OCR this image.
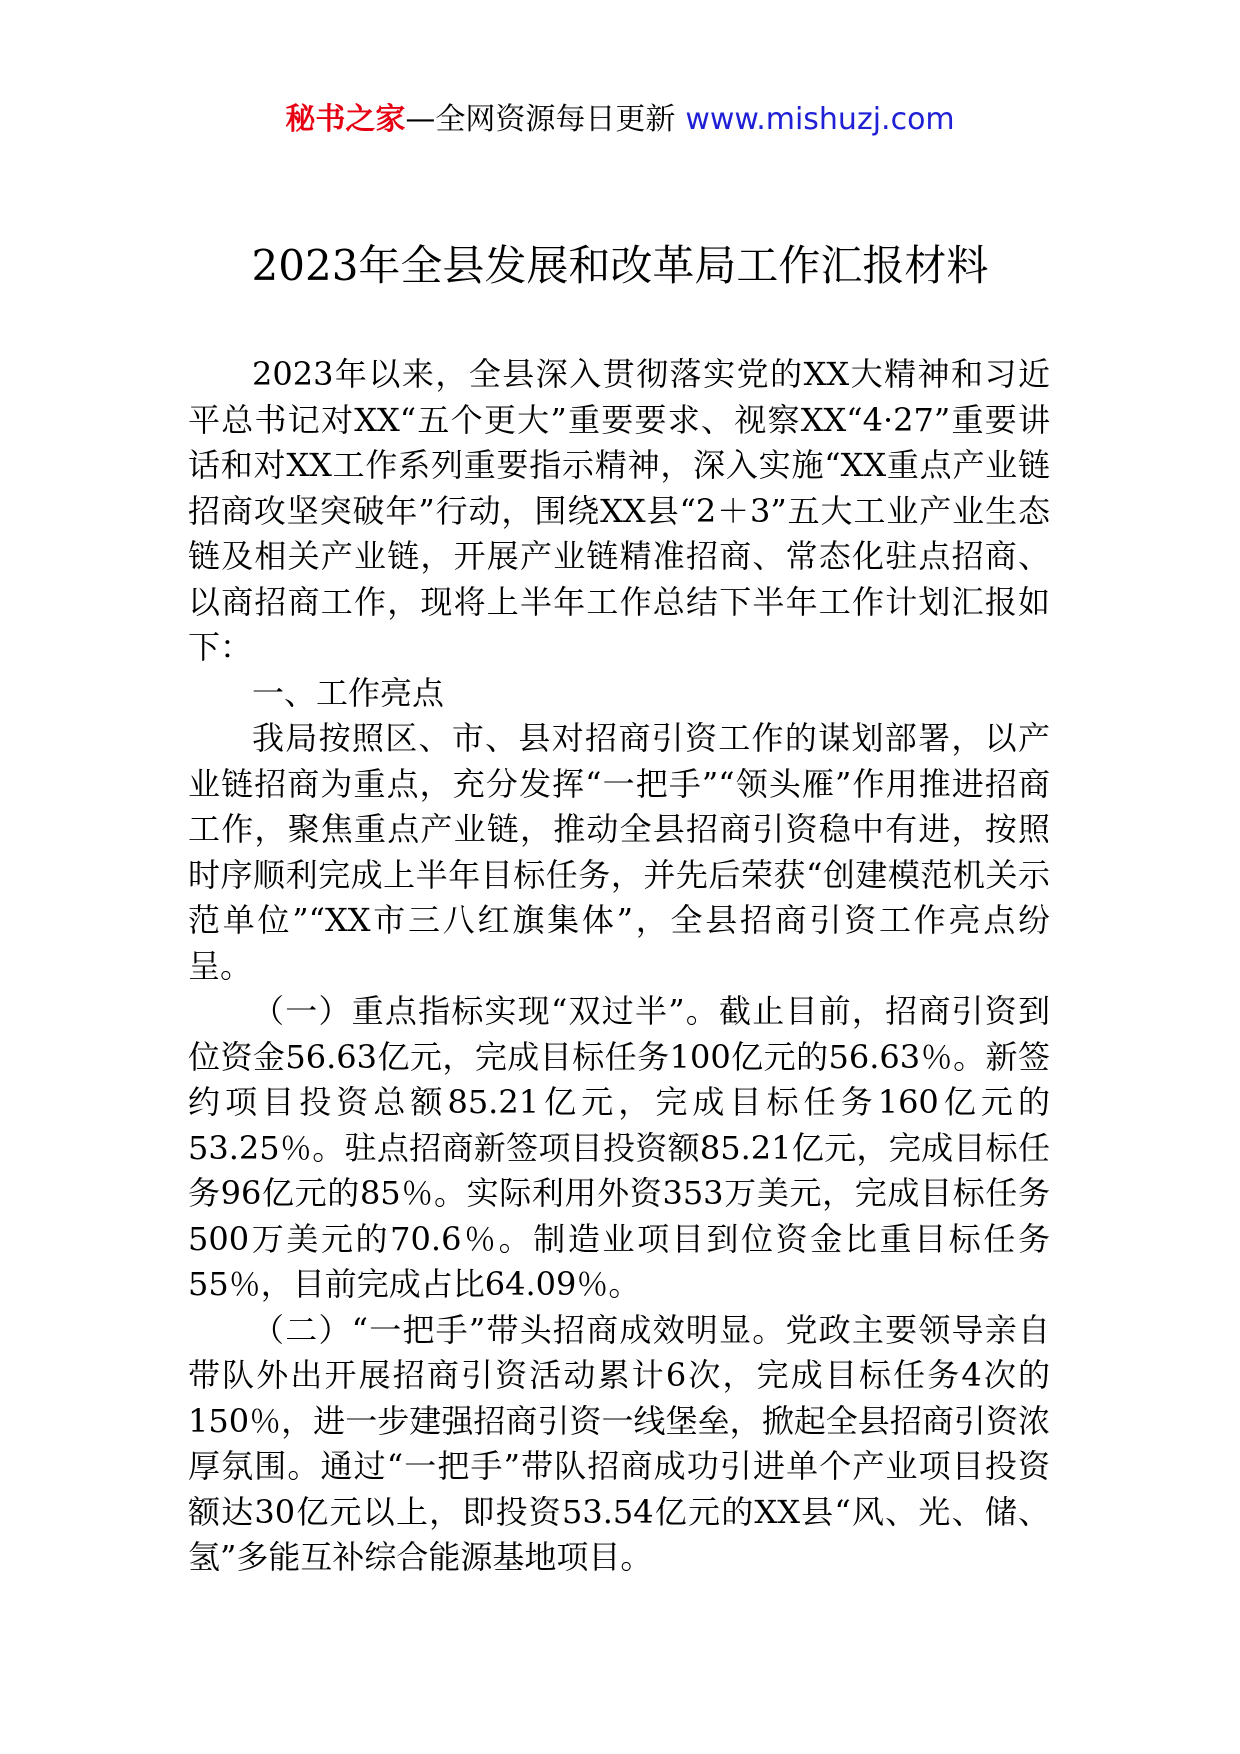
秘书之家—全网资源每日更新 www.mishuzj.com
2023年全县发展和改革局工作汇报材料

2023年以来，全县深入贯彻落实党的XX大精神和习近平总书记对XX“五个更大”重要要求、视察XX“4·27”重要讲话和对XX工作系列重要指示精神，深入实施“XX重点产业链招商攻坚突破年”行动，围绕XX县“2＋3”五大工业产业生态链及相关产业链，开展产业链精准招商、常态化驻点招商、以商招商工作，现将上半年工作总结下半年工作计划汇报如下：

一、工作亮点

我局按照区、市、县对招商引资工作的谋划部署，以产业链招商为重点，充分发挥“一把手”“领头雁”作用推进招商工作，聚焦重点产业链，推动全县招商引资稳中有进，按照时序顺利完成上半年目标任务，并先后荣获“创建模范机关示范单位”“XX市三八红旗集体”，全县招商引资工作亮点纷呈。

（一）重点指标实现“双过半”。截止目前，招商引资到位资金56.63亿元，完成目标任务100亿元的56.63％。新签约项目投资总额85.21亿元，完成目标任务160亿元的53.25％。驻点招商新签项目投资额85.21亿元，完成目标任务96亿元的85％。实际利用外资353万美元，完成目标任务500万美元的70.6％。制造业项目到位资金比重目标任务55％，目前完成占比64.09％。

（二）“一把手”带头招商成效明显。党政主要领导亲自带队外出开展招商引资活动累计6次，完成目标任务4次的150％，进一步建强招商引资一线堡垒，掀起全县招商引资浓厚氛围。通过“一把手”带队招商成功引进单个产业项目投资额达30亿元以上，即投资53.54亿元的XX县“风、光、储、氢”多能互补综合能源基地项目。
